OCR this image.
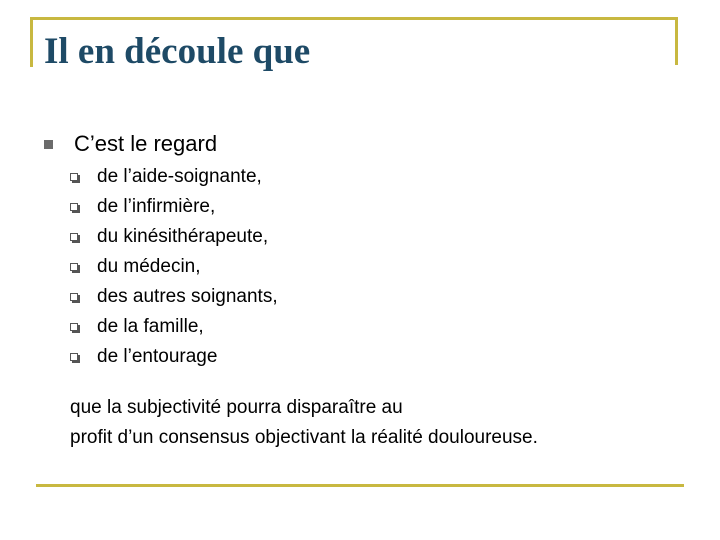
Il en découle que
C’est le regard
de l’aide-soignante,
de l’infirmière,
du kinésithérapeute,
du médecin,
des autres soignants,
de la famille,
de l’entourage

que la subjectivité pourra disparaître au
profit d’un consensus objectivant la réalité douloureuse.
